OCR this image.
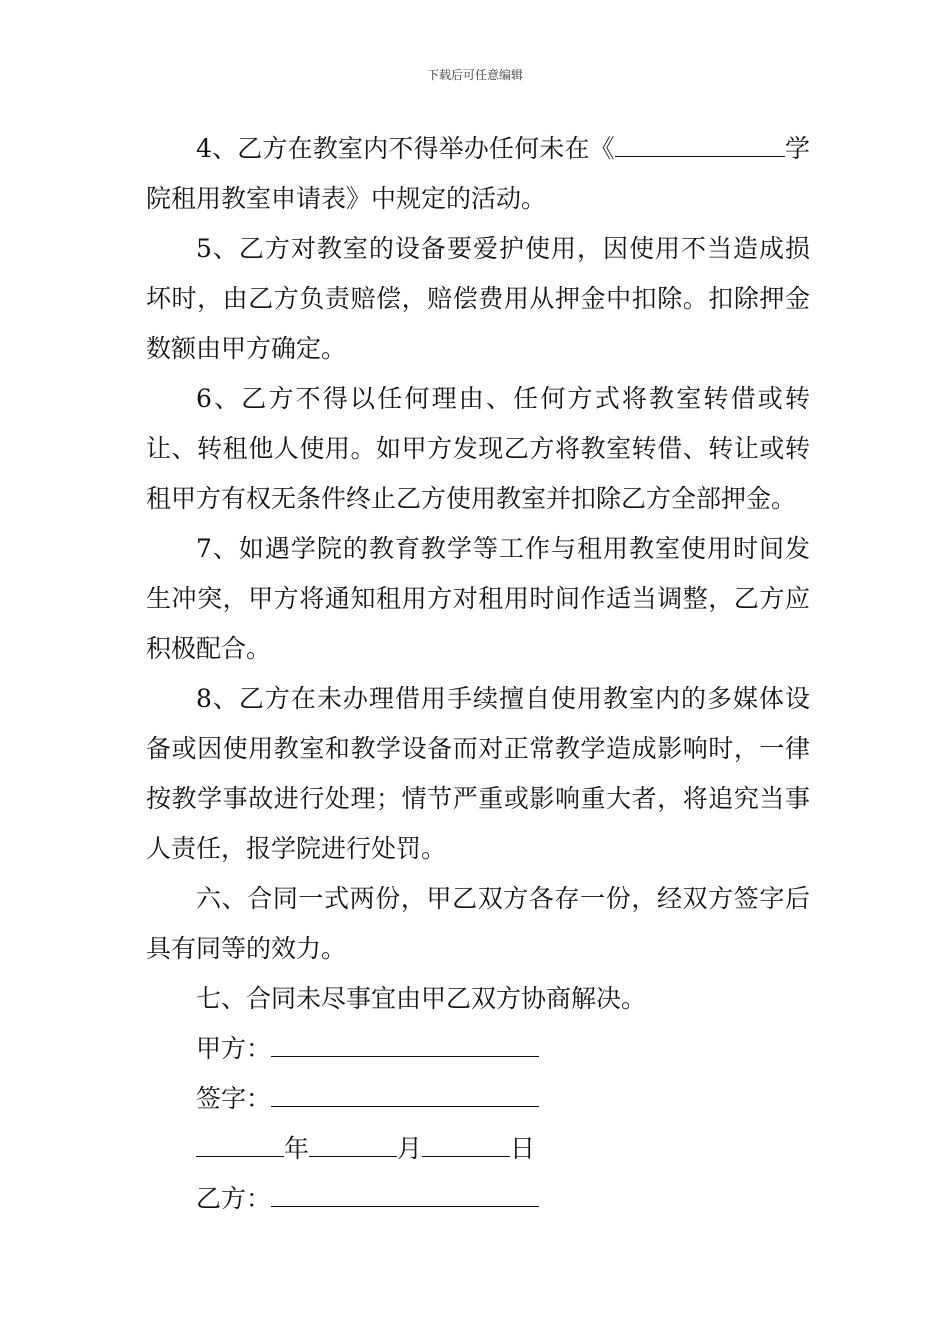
下载后可任意编辑

4、乙方在教室内不得举办任何未在《	学院租用教室申请表》中规定的活动。

5、乙方对教室的设备要爱护使用，因使用不当造成损坏时，由乙方负责赔偿，赔偿费用从押金中扣除。扣除押金数额由甲方确定。

6、乙方不得以任何理由、任何方式将教室转借或转让、转租他人使用。如甲方发现乙方将教室转借、转让或转租甲方有权无条件终止乙方使用教室并扣除乙方全部押金。

7、如遇学院的教育教学等工作与租用教室使用时间发生冲突，甲方将通知租用方对租用时间作适当调整，乙方应积极配合。

8、乙方在未办理借用手续擅自使用教室内的多媒体设备或因使用教室和教学设备而对正常教学造成影响时，一律按教学事故进行处理；情节严重或影响重大者，将追究当事人责任，报学院进行处罚。

六、合同一式两份，甲乙双方各存一份，经双方签字后具有同等的效力。

七、合同未尽事宜由甲乙双方协商解决。

甲方：

签字：

年	月	日

乙方：
